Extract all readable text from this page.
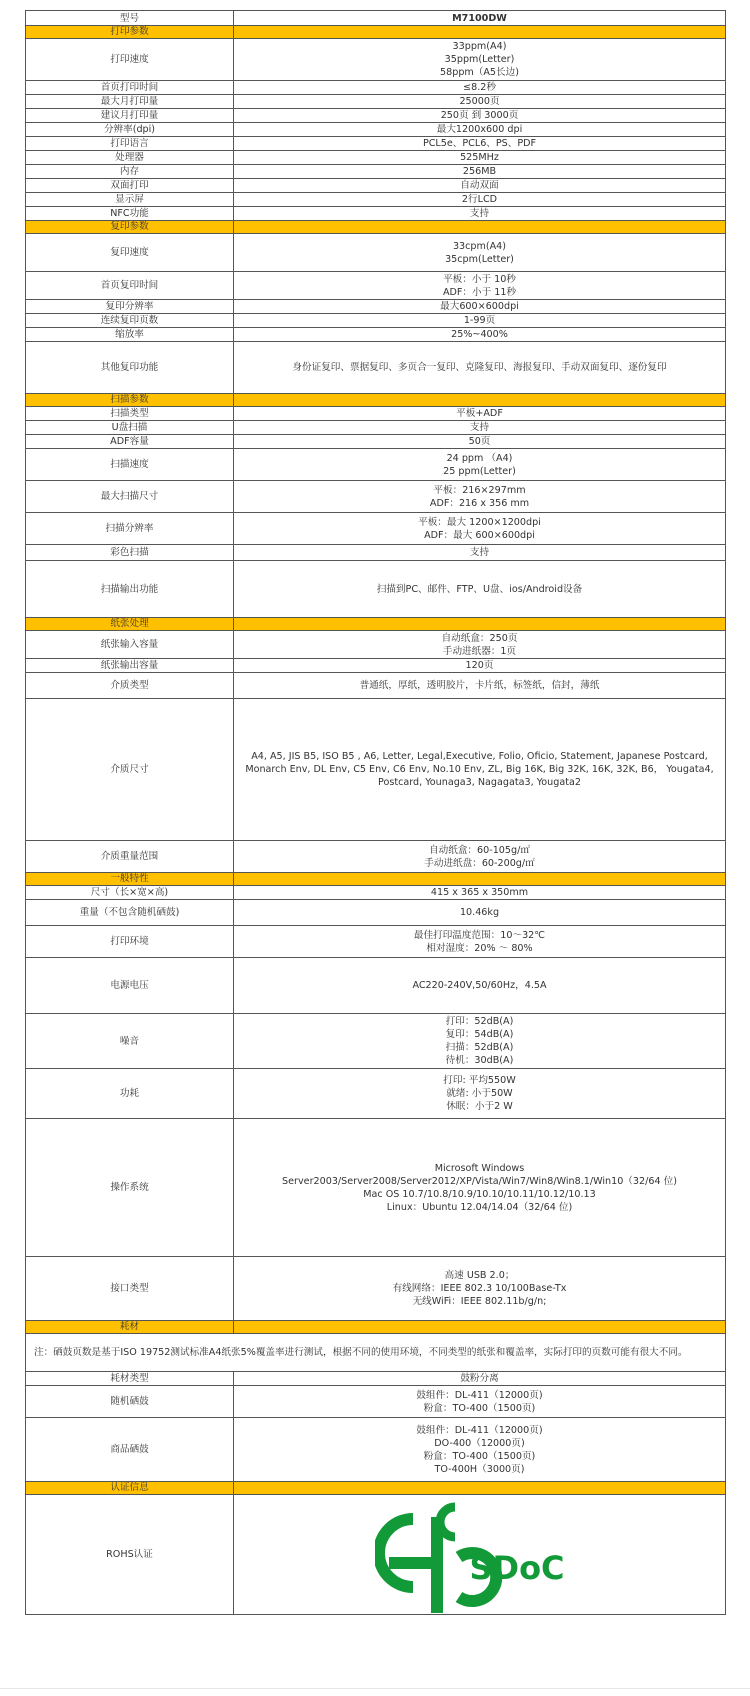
型号	M7100DW
打印参数	
打印速度	33ppm(A4)
35ppm(Letter)
58ppm（A5长边)
首页打印时间	≤8.2秒
最大月打印量	25000页
建议月打印量	250页 到 3000页
分辨率(dpi)	最大1200x600 dpi
打印语言	PCL5e、PCL6、PS、PDF
处理器	525MHz
内存	256MB
双面打印	自动双面
显示屏	2行LCD
NFC功能	支持
复印参数	
复印速度	33cpm(A4)
35cpm(Letter)
首页复印时间	平板：小于 10秒
ADF：小于 11秒
复印分辨率	最大600×600dpi
连续复印页数	1-99页
缩放率	25%~400%
其他复印功能	身份证复印、票据复印、多页合一复印、克隆复印、海报复印、手动双面复印、逐份复印
扫描参数	
扫描类型	平板+ADF
U盘扫描	支持
ADF容量	50页
扫描速度	24 ppm （A4)
25 ppm(Letter)
最大扫描尺寸	平板：216×297mm
ADF：216 x 356 mm
扫描分辨率	平板：最大 1200×1200dpi
ADF：最大 600×600dpi
彩色扫描	支持
扫描输出功能	扫描到PC、邮件、FTP、U盘、ios/Android设备
纸张处理	
纸张输入容量	自动纸盒：250页
手动进纸器：1页
纸张输出容量	120页
介质类型	普通纸，厚纸，透明胶片，卡片纸，标签纸，信封，薄纸
介质尺寸	A4, A5, JIS B5, ISO B5 , A6, Letter, Legal,Executive, Folio, Oficio, Statement, Japanese Postcard, Monarch Env, DL Env, C5 Env, C6 Env, No.10 Env, ZL, Big 16K, Big 32K, 16K, 32K, B6， Yougata4, Postcard, Younaga3, Nagagata3, Yougata2
介质重量范围	自动纸盒：60-105g/㎡
手动进纸盘：60-200g/㎡
一般特性	
尺寸（长×宽×高)	415 x 365 x 350mm
重量（不包含随机硒鼓)	10.46kg
打印环境	最佳打印温度范围：10～32℃
相对湿度：20% ～ 80%
电源电压	AC220-240V,50/60Hz，4.5A
噪音	打印：52dB(A)
复印：54dB(A)
扫描：52dB(A)
待机：30dB(A)
功耗	打印: 平均550W
就绪: 小于50W
休眠：小于2 W
操作系统	Microsoft Windows
Server2003/Server2008/Server2012/XP/Vista/Win7/Win8/Win8.1/Win10（32/64 位)
Mac OS 10.7/10.8/10.9/10.10/10.11/10.12/10.13
Linux：Ubuntu 12.04/14.04（32/64 位)
接口类型	高速 USB 2.0；
有线网络：IEEE 802.3 10/100Base-Tx
无线WiFi：IEEE 802.11b/g/n;
耗材	
注：硒鼓页数是基于ISO 19752测试标准A4纸张5%覆盖率进行测试，根据不同的使用环境，不同类型的纸张和覆盖率，实际打印的页数可能有很大不同。	
耗材类型	鼓粉分离
随机硒鼓	鼓组件：DL-411（12000页)
粉盒：TO-400（1500页)
商品硒鼓	鼓组件：DL-411（12000页)
DO-400（12000页)
粉盒：TO-400（1500页)
TO-400H（3000页)
认证信息	
ROHS认证	SDoC
